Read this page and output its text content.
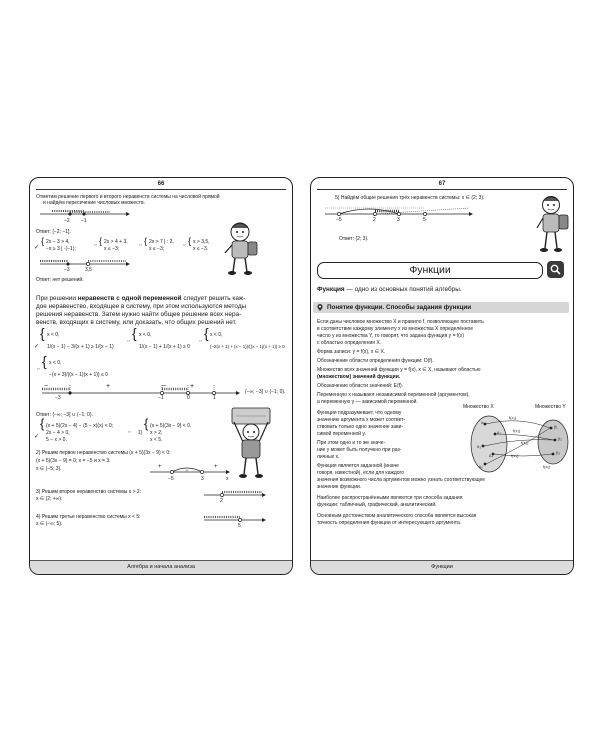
66
Отметим решение первого и второго неравенств системы на числовой прямой
и найдём пересечение числовых множеств.
−2 −1
Ответ: [−2; −1].
✓
{ 2x − 3 > 4,
−x ≥ 3 | ·(−1);
⇔ { 2x > 4 + 3,
x ≤ −3;
⇔ { 2x > 7 | : 2,
x ≤ −3;
⇔ { x > 3,5,
x ≤ −3.
−3	3,5
Ответ: нет решений.
При решении неравенств с одной переменной следует решить каж-
дое неравенство, входящее в систему, при этом используются методы
решения неравенств. Затем нужно найти общее решение всех нера-
венств, входящих в систему, или доказать, что общих решений нет.
✓
{ x < 0,
1/(x − 1) − 3/(x + 1) ≥ 1/(x − 1)
⇔ { x < 0,
1/(x − 1) + 1/(x + 1) ≥ 0
⇔ { x < 0,
(−2(x + 1) + (x − 1))/((x − 1)(x + 1)) ≥ 0
⇔ { x < 0,
−(x + 3)/((x − 1)(x + 1)) ≤ 0
−3	−1	0	1
−	+	−	+
(−∞; −3] ∪ (−1; 0).
Ответ: (−∞; −3] ∪ (−1; 0).
✓
{ (x + 5)(2x − 4) − (5 − x)(x) < 0;
2x − 4 > 0,
5 − x > 0.
⇔ 1)
{ (x + 5)(3x − 9) < 0,
x > 2,
x < 5.
2) Решим первое неравенство системы (x + 5)(3x − 9) < 0:
(x + 5)(3x − 9) = 0; x = −5 и x = 3.
x ∈ (−5; 3).	+
−
+
−5	3	x
3) Решим второе неравенство системы x > 2:
x ∈ (2; +∞).	2
4) Решим третье неравенство системы x < 5:
x ∈ (−∞; 5).	5
Алгебра и начала анализа
67
5) Найдём общие решения трёх неравенств системы: x ∈ (2; 3).
−5	2	3	5
Ответ: (2; 3).
Функции
Функция — одно из основных понятий алгебры.
Понятие функции. Способы задания функции
Если даны числовое множество X и правило f, позволяющее поставить
в соответствие каждому элементу x из множества X определённое
число y из множества Y, то говорят, что задана функция y = f(x)
с областью определения X.
Форма записи: y = f(x), x ∈ X.
Обозначение области определения функции: D(f).
Множество всех значений функции y = f(x), x ∈ X, называют областью
(множеством) значений функции.
Обозначение области значений: E(f).
Переменную x называют независимой переменной (аргументом),
а переменную y — зависимой переменной.
Функция подразумевает, что одному
значению аргумента x может соответ-
ствовать только одно значение зави-
симой переменной y.
При этом одно и то же значе-
ние y может быть получено при раз-
личных x.
Функция является заданной (иначе
говоря, известной), если для каждого
значения возможного числа аргументов можно узнать соответствующее
значение функции.
Наиболее распространёнными являются три способа задания
функции: табличный, графический, аналитический.
Основным достоинством аналитического способа является высокая
точность определения функции от интересующего аргумента.
Множество X	Множество Y
x₁
x₂
x₃
x₄
x₅
y₁
y₂
y₃
f(x₁)
f(x₂)
f(x₃)
f(x₄)
f(x₅)
Функции
